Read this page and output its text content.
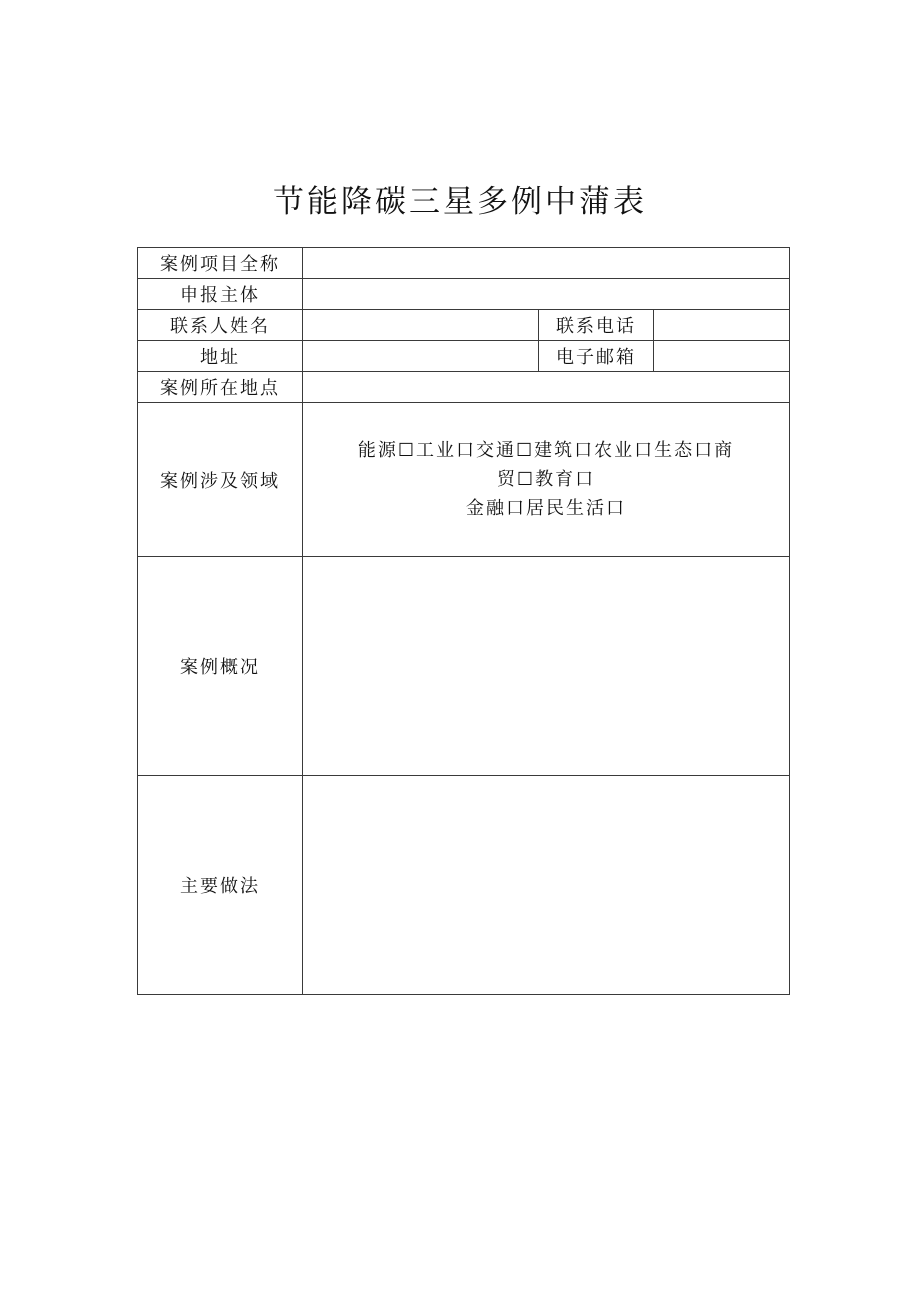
节能降碳三星多例中蒲表
案例项目全称			
申报主体			
联系人姓名		联系电话	
地址		电子邮箱	
案例所在地点			
案例涉及领域	能源☐工业口交通☐建筑口农业口生态口商
贸☐教育口
金融口居民生活口		

案例概况			
主要做法			
